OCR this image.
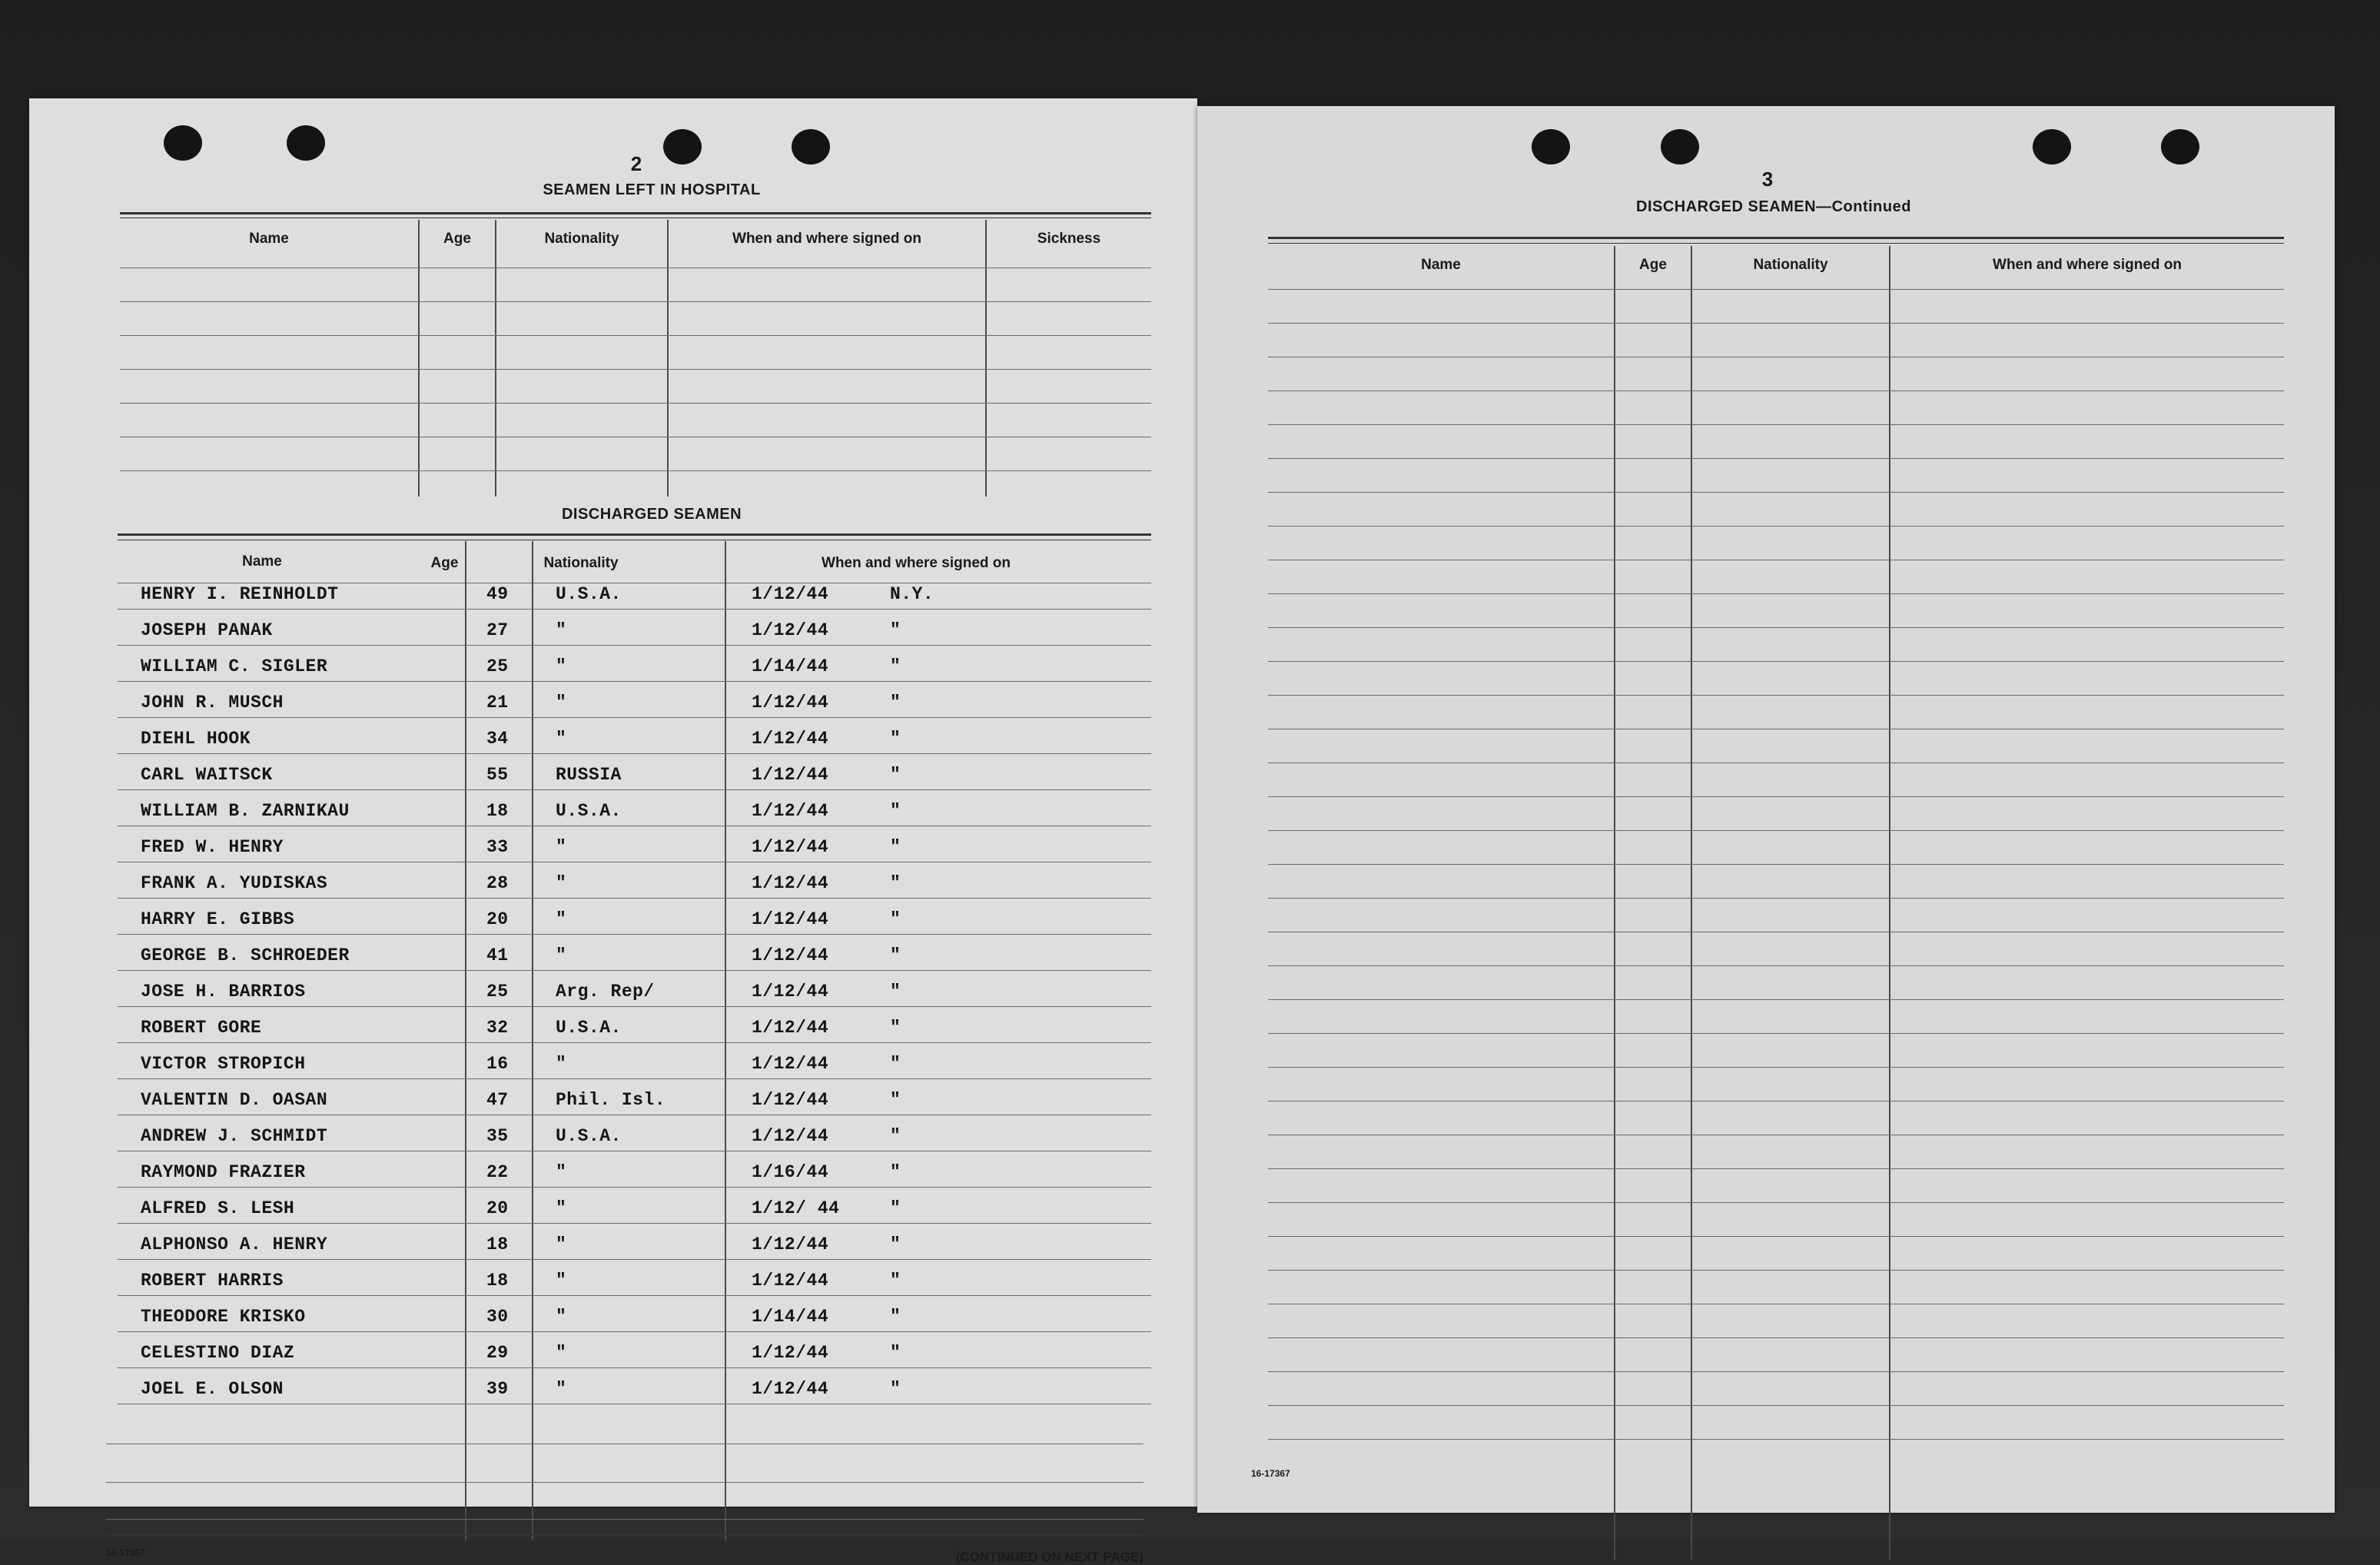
2
SEAMEN LEFT IN HOSPITAL
Name	Age	Nationality	When and where signed on	Sickness
DISCHARGED SEAMEN
Name	Age	Nationality	When and where signed on
HENRY I. REINHOLDT	49	U.S.A.	1/12/44	N.Y.
JOSEPH PANAK	27	"	1/12/44	"
WILLIAM C. SIGLER	25	"	1/14/44	"
JOHN R. MUSCH	21	"	1/12/44	"
DIEHL HOOK	34	"	1/12/44	"
CARL WAITSCK	55	RUSSIA	1/12/44	"
WILLIAM B. ZARNIKAU	18	U.S.A.	1/12/44	"
FRED W. HENRY	33	"	1/12/44	"
FRANK A. YUDISKAS	28	"	1/12/44	"
HARRY E. GIBBS	20	"	1/12/44	"
GEORGE B. SCHROEDER	41	"	1/12/44	"
JOSE H. BARRIOS	25	Arg. Rep/	1/12/44	"
ROBERT GORE	32	U.S.A.	1/12/44	"
VICTOR STROPICH	16	"	1/12/44	"
VALENTIN D. OASAN	47	Phil. Isl.	1/12/44	"
ANDREW J. SCHMIDT	35	U.S.A.	1/12/44	"
RAYMOND FRAZIER	22	"	1/16/44	"
ALFRED S. LESH	20	"	1/12/ 44	"
ALPHONSO A. HENRY	18	"	1/12/44	"
ROBERT HARRIS	18	"	1/12/44	"
THEODORE KRISKO	30	"	1/14/44	"
CELESTINO DIAZ	29	"	1/12/44	"
JOEL E. OLSON	39	"	1/12/44	"
16-17367	(CONTINUED ON NEXT PAGE)
3
DISCHARGED SEAMEN—Continued
Name	Age	Nationality	When and where signed on
16-17367
